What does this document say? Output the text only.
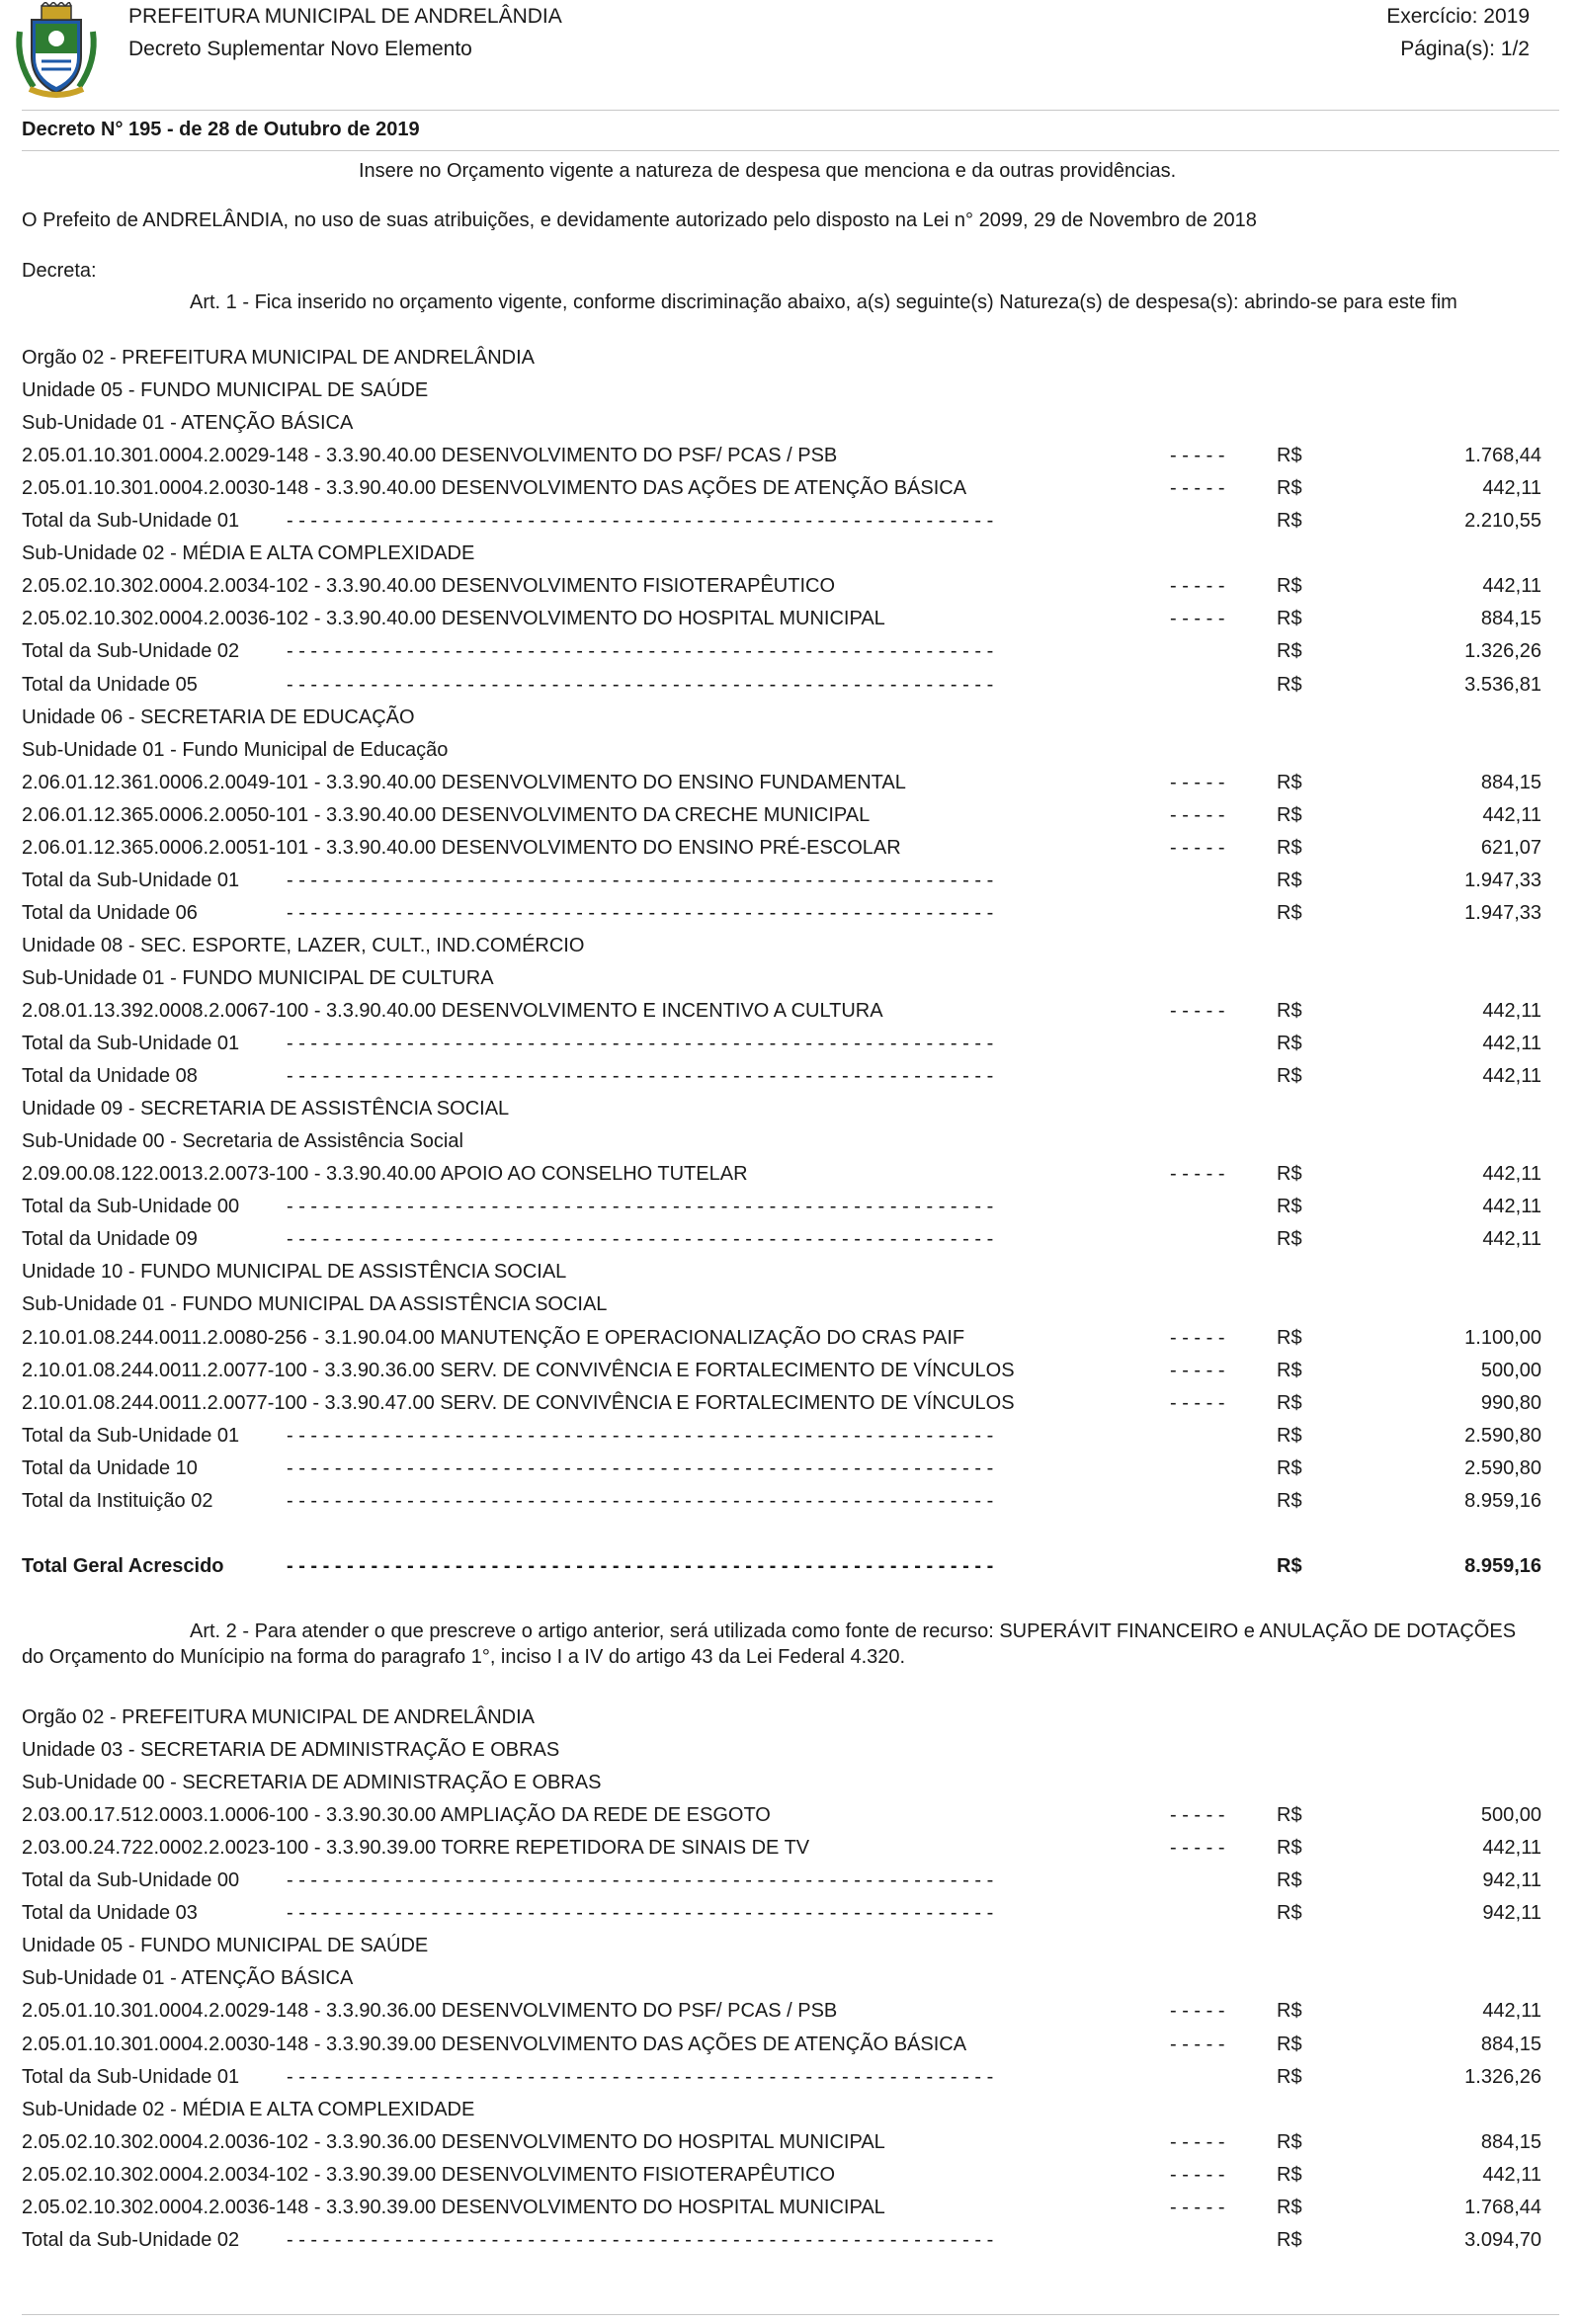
PREFEITURA MUNICIPAL DE ANDRELÂNDIA
Decreto Suplementar Novo Elemento
Exercício: 2019
Página(s): 1/2
Decreto N° 195 - de 28 de Outubro de 2019
Insere no Orçamento vigente a natureza de despesa que menciona e da outras providências.
O Prefeito de ANDRELÂNDIA, no uso de suas atribuições, e devidamente autorizado pelo disposto na Lei n° 2099, 29 de Novembro de 2018
Decreta:
Art. 1 - Fica inserido no orçamento vigente, conforme discriminação abaixo, a(s) seguinte(s) Natureza(s) de despesa(s): abrindo-se para este fim
Orgão 02 - PREFEITURA MUNICIPAL DE ANDRELÂNDIA
Unidade 05 - FUNDO MUNICIPAL DE SAÚDE
Sub-Unidade 01 - ATENÇÃO BÁSICA
2.05.01.10.301.0004.2.0029-148 - 3.3.90.40.00 DESENVOLVIMENTO DO PSF/ PCAS / PSB	- - - - -	R$	1.768,44
2.05.01.10.301.0004.2.0030-148 - 3.3.90.40.00 DESENVOLVIMENTO DAS AÇÕES DE ATENÇÃO BÁSICA	- - - - -	R$	442,11
Total da Sub-Unidade 01 - - - - - - - - - - - - - - - - - - - - - - - - - - - - - - - - - - - - - - - - - - - - - - - - - - - - - - - - - - -	R$	2.210,55
Sub-Unidade 02 - MÉDIA E ALTA COMPLEXIDADE
2.05.02.10.302.0004.2.0034-102 - 3.3.90.40.00 DESENVOLVIMENTO FISIOTERAPÊUTICO	- - - - -	R$	442,11
2.05.02.10.302.0004.2.0036-102 - 3.3.90.40.00 DESENVOLVIMENTO DO HOSPITAL MUNICIPAL	- - - - -	R$	884,15
Total da Sub-Unidade 02 - - - - - - - - - - - - - - - - - - - - - - - - - - - - - - - - - - - - - - - - - - - - - - - - - - - - - - - - - - -	R$	1.326,26
Total da Unidade 05	- - - - - - - - - - - - - - - - - - - - - - - - - - - - - - - - - - - - - - - - - - - - - - - - - - - - - - - - - - -	R$	3.536,81
Unidade 06 - SECRETARIA DE EDUCAÇÃO
Sub-Unidade 01 - Fundo Municipal de Educação
2.06.01.12.361.0006.2.0049-101 - 3.3.90.40.00 DESENVOLVIMENTO DO ENSINO FUNDAMENTAL	- - - - -	R$	884,15
2.06.01.12.365.0006.2.0050-101 - 3.3.90.40.00 DESENVOLVIMENTO DA CRECHE MUNICIPAL	- - - - -	R$	442,11
2.06.01.12.365.0006.2.0051-101 - 3.3.90.40.00 DESENVOLVIMENTO DO ENSINO PRÉ-ESCOLAR	- - - - -	R$	621,07
Total da Sub-Unidade 01 - - - - - - - - - - - - - - - - - - - - - - - - - - - - - - - - - - - - - - - - - - - - - - - - - - - - - - - - - - -	R$	1.947,33
Total da Unidade 06	- - - - - - - - - - - - - - - - - - - - - - - - - - - - - - - - - - - - - - - - - - - - - - - - - - - - - - - - - - -	R$	1.947,33
Unidade 08 - SEC. ESPORTE, LAZER, CULT., IND.COMÉRCIO
Sub-Unidade 01 - FUNDO MUNICIPAL DE CULTURA
2.08.01.13.392.0008.2.0067-100 - 3.3.90.40.00 DESENVOLVIMENTO E INCENTIVO A CULTURA	- - - - -	R$	442,11
Total da Sub-Unidade 01 - - - - - - - - - - - - - - - - - - - - - - - - - - - - - - - - - - - - - - - - - - - - - - - - - - - - - - - - - - -	R$	442,11
Total da Unidade 08	- - - - - - - - - - - - - - - - - - - - - - - - - - - - - - - - - - - - - - - - - - - - - - - - - - - - - - - - - - -	R$	442,11
Unidade 09 - SECRETARIA DE ASSISTÊNCIA SOCIAL
Sub-Unidade 00 - Secretaria de Assistência Social
2.09.00.08.122.0013.2.0073-100 - 3.3.90.40.00 APOIO AO CONSELHO TUTELAR	- - - - -	R$	442,11
Total da Sub-Unidade 00 - - - - - - - - - - - - - - - - - - - - - - - - - - - - - - - - - - - - - - - - - - - - - - - - - - - - - - - - - - -	R$	442,11
Total da Unidade 09	- - - - - - - - - - - - - - - - - - - - - - - - - - - - - - - - - - - - - - - - - - - - - - - - - - - - - - - - - - -	R$	442,11
Unidade 10 - FUNDO MUNICIPAL DE ASSISTÊNCIA SOCIAL
Sub-Unidade 01 - FUNDO MUNICIPAL DA ASSISTÊNCIA SOCIAL
2.10.01.08.244.0011.2.0080-256 - 3.1.90.04.00 MANUTENÇÃO E OPERACIONALIZAÇÃO DO CRAS PAIF	- - - - -	R$	1.100,00
2.10.01.08.244.0011.2.0077-100 - 3.3.90.36.00 SERV. DE CONVIVÊNCIA E FORTALECIMENTO DE VÍNCULOS	- - - - -	R$	500,00
2.10.01.08.244.0011.2.0077-100 - 3.3.90.47.00 SERV. DE CONVIVÊNCIA E FORTALECIMENTO DE VÍNCULOS	- - - - -	R$	990,80
Total da Sub-Unidade 01 - - - - - - - - - - - - - - - - - - - - - - - - - - - - - - - - - - - - - - - - - - - - - - - - - - - - - - - - - - -	R$	2.590,80
Total da Unidade 10	- - - - - - - - - - - - - - - - - - - - - - - - - - - - - - - - - - - - - - - - - - - - - - - - - - - - - - - - - - -	R$	2.590,80
Total da Instituição 02	- - - - - - - - - - - - - - - - - - - - - - - - - - - - - - - - - - - - - - - - - - - - - - - - - - - - - - - - - - -	R$	8.959,16
Total Geral Acrescido	- - - - - - - - - - - - - - - - - - - - - - - - - - - - - - - - - - - - - - - - - - - - - - - - - - - - - - - - - - -	R$	8.959,16
Art. 2 - Para atender o que prescreve o artigo anterior, será utilizada como fonte de recurso: SUPERÁVIT FINANCEIRO e ANULAÇÃO DE DOTAÇÕES
do Orçamento do Munícipio na forma do paragrafo 1°, inciso I a IV do artigo 43 da Lei Federal 4.320.
Orgão 02 - PREFEITURA MUNICIPAL DE ANDRELÂNDIA
Unidade 03 - SECRETARIA DE ADMINISTRAÇÃO E OBRAS
Sub-Unidade 00 - SECRETARIA DE ADMINISTRAÇÃO E OBRAS
2.03.00.17.512.0003.1.0006-100 - 3.3.90.30.00 AMPLIAÇÃO DA REDE DE ESGOTO	- - - - -	R$	500,00
2.03.00.24.722.0002.2.0023-100 - 3.3.90.39.00 TORRE REPETIDORA DE SINAIS DE TV	- - - - -	R$	442,11
Total da Sub-Unidade 00 - - - - - - - - - - - - - - - - - - - - - - - - - - - - - - - - - - - - - - - - - - - - - - - - - - - - - - - - - - -	R$	942,11
Total da Unidade 03	- - - - - - - - - - - - - - - - - - - - - - - - - - - - - - - - - - - - - - - - - - - - - - - - - - - - - - - - - - -	R$	942,11
Unidade 05 - FUNDO MUNICIPAL DE SAÚDE
Sub-Unidade 01 - ATENÇÃO BÁSICA
2.05.01.10.301.0004.2.0029-148 - 3.3.90.36.00 DESENVOLVIMENTO DO PSF/ PCAS / PSB	- - - - -	R$	442,11
2.05.01.10.301.0004.2.0030-148 - 3.3.90.39.00 DESENVOLVIMENTO DAS AÇÕES DE ATENÇÃO BÁSICA	- - - - -	R$	884,15
Total da Sub-Unidade 01 - - - - - - - - - - - - - - - - - - - - - - - - - - - - - - - - - - - - - - - - - - - - - - - - - - - - - - - - - - -	R$	1.326,26
Sub-Unidade 02 - MÉDIA E ALTA COMPLEXIDADE
2.05.02.10.302.0004.2.0036-102 - 3.3.90.36.00 DESENVOLVIMENTO DO HOSPITAL MUNICIPAL	- - - - -	R$	884,15
2.05.02.10.302.0004.2.0034-102 - 3.3.90.39.00 DESENVOLVIMENTO FISIOTERAPÊUTICO	- - - - -	R$	442,11
2.05.02.10.302.0004.2.0036-148 - 3.3.90.39.00 DESENVOLVIMENTO DO HOSPITAL MUNICIPAL	- - - - -	R$	1.768,44
Total da Sub-Unidade 02 - - - - - - - - - - - - - - - - - - - - - - - - - - - - - - - - - - - - - - - - - - - - - - - - - - - - - - - - - - -	R$	3.094,70
